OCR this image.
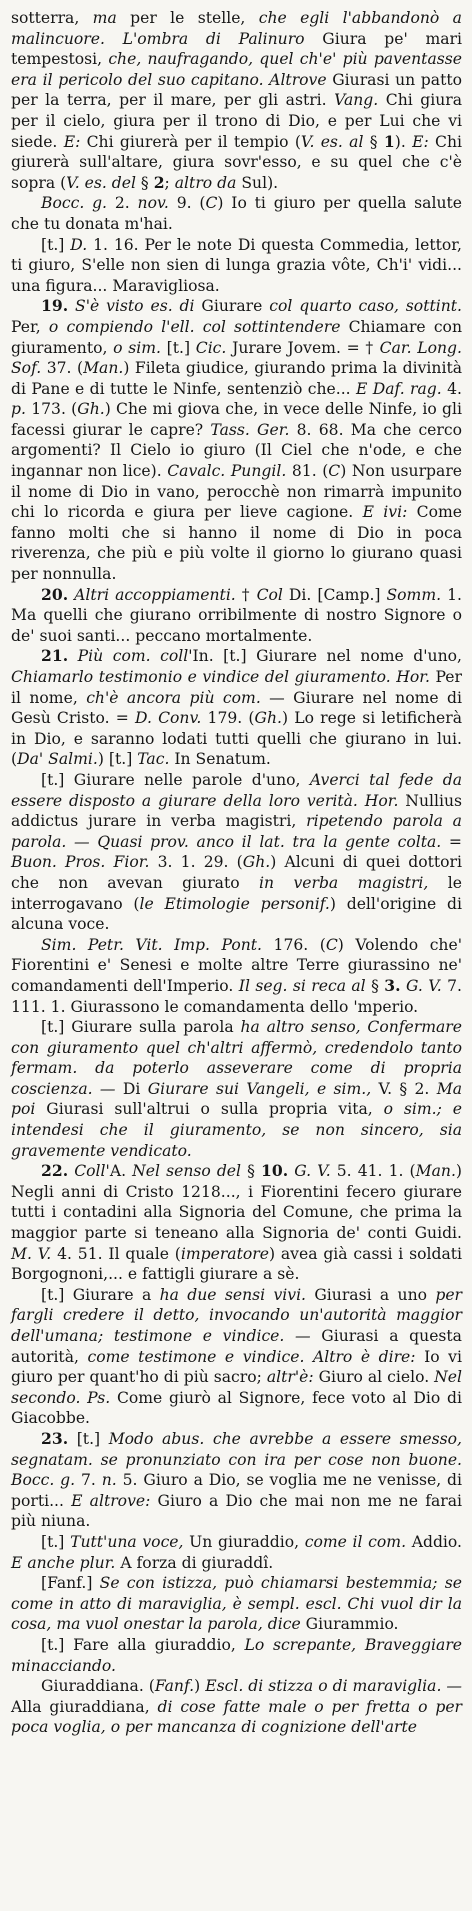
sotterra, ma per le stelle, che egli l'abbandonò a malincuore. L'ombra di Palinuro Giura pe' mari tempestosi, che, naufragando, quel ch'e' più paventasse era il pericolo del suo capitano. Altrove Giurasi un patto per la terra, per il mare, per gli astri. Vang. Chi giura per il cielo, giura per il trono di Dio, e per Lui che vi siede. E: Chi giurerà per il tempio (V. es. al § 1). E: Chi giurerà sull'altare, giura sovr'esso, e su quel che c'è sopra (V. es. del § 2; altro da Sul).

Bocc. g. 2. nov. 9. (C) Io ti giuro per quella salute che tu donata m'hai.

[t.] D. 1. 16. Per le note Di questa Commedia, lettor, ti giuro, S'elle non sien di lunga grazia vôte, Ch'i' vidi... una figura... Maravigliosa.

19. S'è visto es. di Giurare col quarto caso, sottint. Per, o compiendo l'ell. col sottintendere Chiamare con giuramento, o sim. [t.] Cic. Jurare Jovem. = † Car. Long. Sof. 37. (Man.) Fileta giudice, giurando prima la divinità di Pane e di tutte le Ninfe, sentenziò che... E Daf. rag. 4. p. 173. (Gh.) Che mi giova che, in vece delle Ninfe, io gli facessi giurar le capre? Tass. Ger. 8. 68. Ma che cerco argomenti? Il Cielo io giuro (Il Ciel che n'ode, e che ingannar non lice). Cavalc. Pungil. 81. (C) Non usurpare il nome di Dio in vano, perocchè non rimarrà impunito chi lo ricorda e giura per lieve cagione. E ivi: Come fanno molti che si hanno il nome di Dio in poca riverenza, che più e più volte il giorno lo giurano quasi per nonnulla.

20. Altri accoppiamenti. † Col Di. [Camp.] Somm. 1. Ma quelli che giurano orribilmente di nostro Signore o de' suoi santi... peccano mortalmente.

21. Più com. coll'In. [t.] Giurare nel nome d'uno, Chiamarlo testimonio e vindice del giuramento. Hor. Per il nome, ch'è ancora più com. — Giurare nel nome di Gesù Cristo. = D. Conv. 179. (Gh.) Lo rege si letificherà in Dio, e saranno lodati tutti quelli che giurano in lui. (Da' Salmi.) [t.] Tac. In Senatum.

[t.] Giurare nelle parole d'uno, Averci tal fede da essere disposto a giurare della loro verità. Hor. Nullius addictus jurare in verba magistri, ripetendo parola a parola. — Quasi prov. anco il lat. tra la gente colta. = Buon. Pros. Fior. 3. 1. 29. (Gh.) Alcuni di quei dottori che non avevan giurato in verba magistri, le interrogavano (le Etimologie personif.) dell'origine di alcuna voce.

Sim. Petr. Vit. Imp. Pont. 176. (C) Volendo che' Fiorentini e' Senesi e molte altre Terre giurassino ne' comandamenti dell'Imperio. Il seg. si reca al § 3. G. V. 7. 111. 1. Giurassono le comandamenta dello 'mperio.

[t.] Giurare sulla parola ha altro senso, Confermare con giuramento quel ch'altri affermò, credendolo tanto fermam. da poterlo asseverare come di propria coscienza. — Di Giurare sui Vangeli, e sim., V. § 2. Ma poi Giurasi sull'altrui o sulla propria vita, o sim.; e intendesi che il giuramento, se non sincero, sia gravemente vendicato.

22. Coll'A. Nel senso del § 10. G. V. 5. 41. 1. (Man.) Negli anni di Cristo 1218..., i Fiorentini fecero giurare tutti i contadini alla Signoria del Comune, che prima la maggior parte si teneano alla Signoria de' conti Guidi. M. V. 4. 51. Il quale (imperatore) avea già cassi i soldati Borgognoni,... e fattigli giurare a sè.

[t.] Giurare a ha due sensi vivi. Giurasi a uno per fargli credere il detto, invocando un'autorità maggior dell'umana; testimone e vindice. — Giurasi a questa autorità, come testimone e vindice. Altro è dire: Io vi giuro per quant'ho di più sacro; altr'è: Giuro al cielo. Nel secondo. Ps. Come giurò al Signore, fece voto al Dio di Giacobbe.

23. [t.] Modo abus. che avrebbe a essere smesso, segnatam. se pronunziato con ira per cose non buone. Bocc. g. 7. n. 5. Giuro a Dio, se voglia me ne venisse, di porti... E altrove: Giuro a Dio che mai non me ne farai più niuna.

[t.] Tutt'una voce, Un giuraddio, come il com. Addio. E anche plur. A forza di giuraddî.

[Fanf.] Se con istizza, può chiamarsi bestemmia; se come in atto di maraviglia, è sempl. escl. Chi vuol dir la cosa, ma vuol onestar la parola, dice Giurammio.

[t.] Fare alla giuraddio, Lo screpante, Braveggiare minacciando.

Giuraddiana. (Fanf.) Escl. di stizza o di maraviglia. — Alla giuraddiana, di cose fatte male o per fretta o per poca voglia, o per mancanza di cognizione dell'arte
